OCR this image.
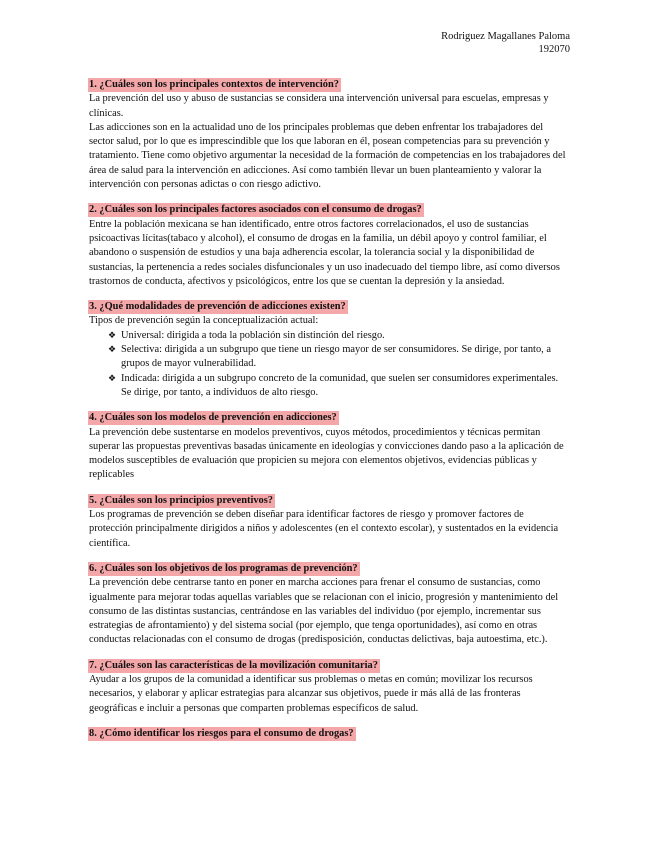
Rodriguez Magallanes Paloma
192070
1. ¿Cuáles son los principales contextos de intervención?

La prevención del uso y abuso de sustancias se considera una intervención universal para escuelas, empresas y clínicas.

Las adicciones son en la actualidad uno de los principales problemas que deben enfrentar los trabajadores del sector salud, por lo que es imprescindible que los que laboran en él, posean competencias para su prevención y tratamiento. Tiene como objetivo argumentar la necesidad de la formación de competencias en los trabajadores del área de salud para la intervención en adicciones. Así como también llevar un buen planteamiento y valorar la intervención con personas adictas o con riesgo adictivo.

2. ¿Cuáles son los principales factores asociados con el consumo de drogas?

Entre la población mexicana se han identificado, entre otros factores correlacionados, el uso de sustancias psicoactivas lícitas(tabaco y alcohol), el consumo de drogas en la familia, un débil apoyo y control familiar, el abandono o suspensión de estudios y una baja adherencia escolar, la tolerancia social y la disponibilidad de sustancias, la pertenencia a redes sociales disfuncionales y un uso inadecuado del tiempo libre, así como diversos trastornos de conducta, afectivos y psicológicos, entre los que se cuentan la depresión y la ansiedad.

3. ¿Qué modalidades de prevención de adicciones existen?

Tipos de prevención según la conceptualización actual:

❖ Universal: dirigida a toda la población sin distinción del riesgo.
❖ Selectiva: dirigida a un subgrupo que tiene un riesgo mayor de ser consumidores. Se dirige, por tanto, a grupos de mayor vulnerabilidad.
❖ Indicada: dirigida a un subgrupo concreto de la comunidad, que suelen ser consumidores experimentales. Se dirige, por tanto, a individuos de alto riesgo.
4. ¿Cuáles son los modelos de prevención en adicciones?

La prevención debe sustentarse en modelos preventivos, cuyos métodos, procedimientos y técnicas permitan superar las propuestas preventivas basadas únicamente en ideologías y convicciones dando paso a la aplicación de modelos susceptibles de evaluación que propicien su mejora con elementos objetivos, evidencias públicas y replicables

5. ¿Cuáles son los principios preventivos?

Los programas de prevención se deben diseñar para identificar factores de riesgo y promover factores de protección principalmente dirigidos a niños y adolescentes (en el contexto escolar), y sustentados en la evidencia científica.

6. ¿Cuáles son los objetivos de los programas de prevención?

La prevención debe centrarse tanto en poner en marcha acciones para frenar el consumo de sustancias, como igualmente para mejorar todas aquellas variables que se relacionan con el inicio, progresión y mantenimiento del consumo de las distintas sustancias, centrándose en las variables del individuo (por ejemplo, incrementar sus estrategias de afrontamiento) y del sistema social (por ejemplo, que tenga oportunidades), así como en otras conductas relacionadas con el consumo de drogas (predisposición, conductas delictivas, baja autoestima, etc.).

7. ¿Cuáles son las características de la movilización comunitaria?

Ayudar a los grupos de la comunidad a identificar sus problemas o metas en común; movilizar los recursos necesarios, y elaborar y aplicar estrategias para alcanzar sus objetivos, puede ir más allá de las fronteras geográficas e incluir a personas que comparten problemas específicos de salud.

8. ¿Cómo identificar los riesgos para el consumo de drogas?
